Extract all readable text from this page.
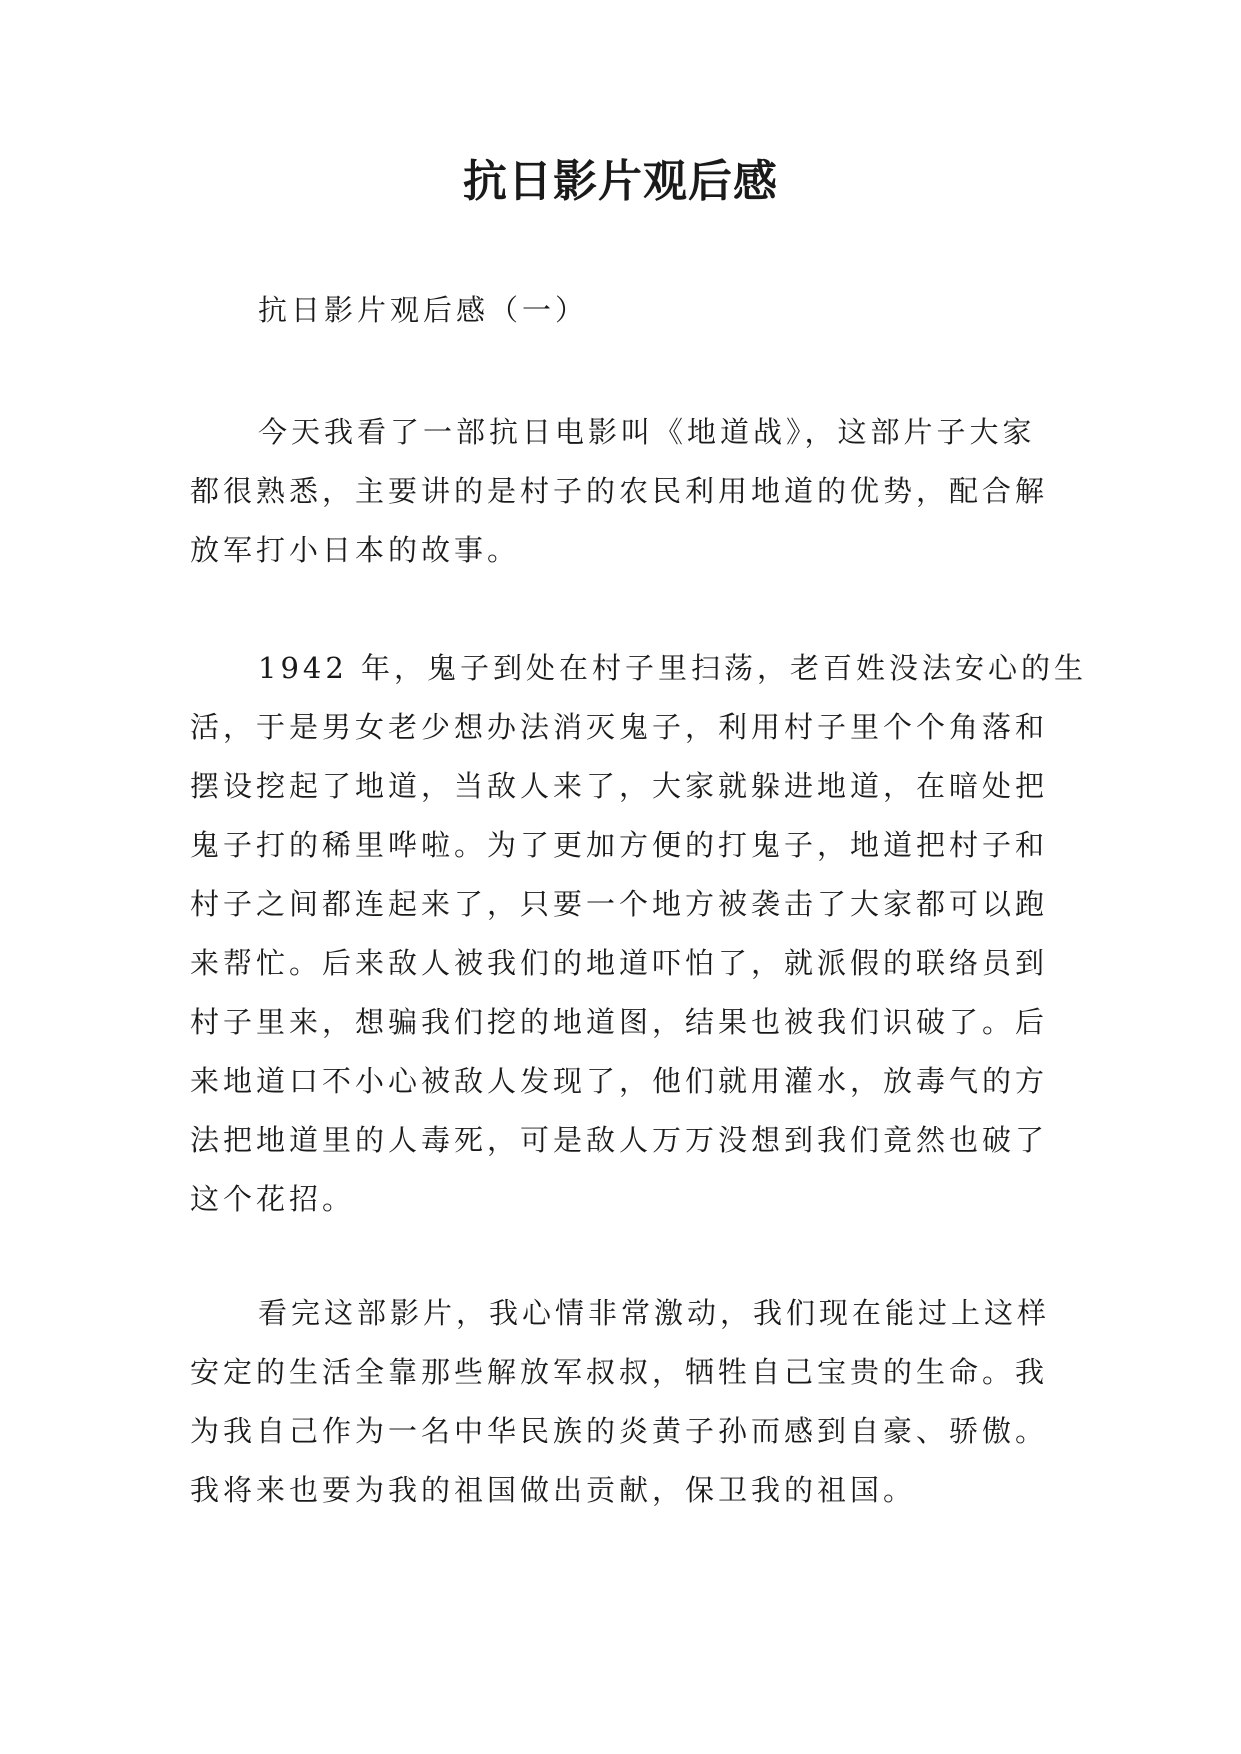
抗日影片观后感

抗日影片观后感（一）

今天我看了一部抗日电影叫《地道战》，这部片子大家
都很熟悉，主要讲的是村子的农民利用地道的优势，配合解
放军打小日本的故事。
1942 年，鬼子到处在村子里扫荡，老百姓没法安心的生
活，于是男女老少想办法消灭鬼子，利用村子里个个角落和
摆设挖起了地道，当敌人来了，大家就躲进地道，在暗处把
鬼子打的稀里哗啦。为了更加方便的打鬼子，地道把村子和
村子之间都连起来了，只要一个地方被袭击了大家都可以跑
来帮忙。后来敌人被我们的地道吓怕了，就派假的联络员到
村子里来，想骗我们挖的地道图，结果也被我们识破了。后
来地道口不小心被敌人发现了，他们就用灌水，放毒气的方
法把地道里的人毒死，可是敌人万万没想到我们竟然也破了
这个花招。
看完这部影片，我心情非常激动，我们现在能过上这样
安定的生活全靠那些解放军叔叔，牺牲自己宝贵的生命。我
为我自己作为一名中华民族的炎黄子孙而感到自豪、骄傲。
我将来也要为我的祖国做出贡献，保卫我的祖国。
